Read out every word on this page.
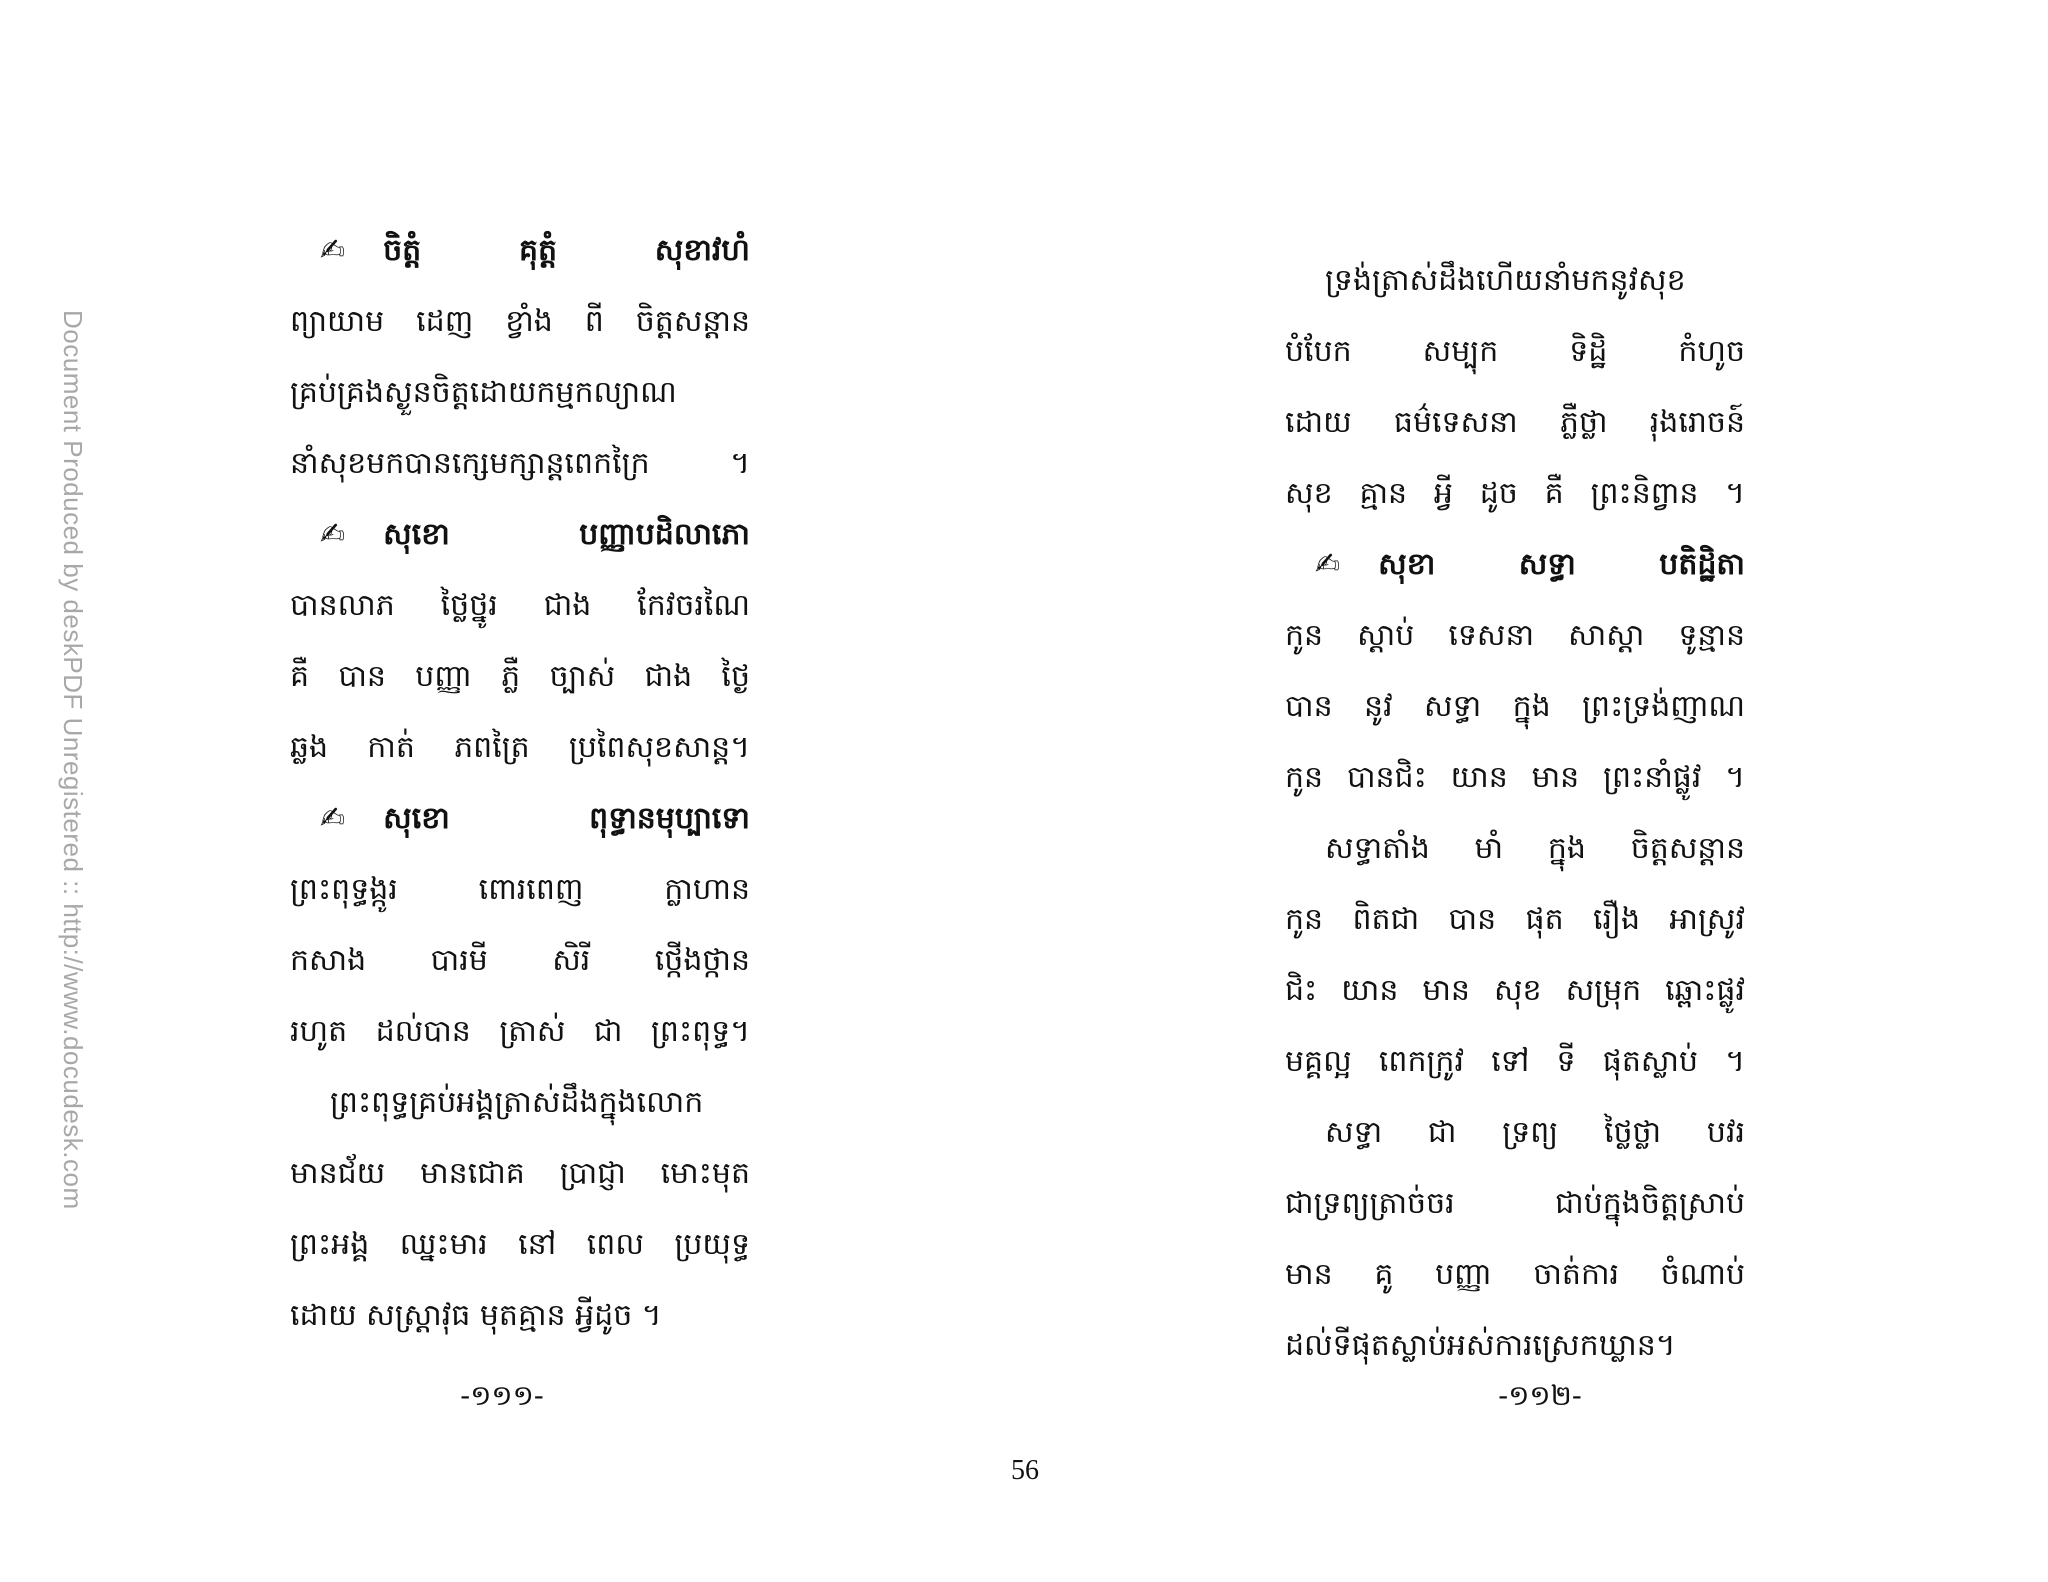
Document Produced by deskPDF Unregistered :: http://www.docudesk.com
✍ ចិត្តំ គុត្តំ សុខាវហំ
ព្យាយាម ដេញ ខ្វាំង ពី ចិត្តសន្តាន
គ្រប់គ្រងស្ងួនចិត្តដោយកម្មកល្យាណ
នាំសុខមកបានក្សេមក្សាន្តពេកក្រៃ ។
✍ សុខោ បញ្ញាបដិលាភោ
បានលាភ ថ្លៃថ្នូរ ជាង កែវចរណៃ
គឺ បាន បញ្ញា ភ្លឺ ច្បាស់ ជាង ថ្ងៃ
ឆ្លង កាត់ ភពត្រៃ ប្រពៃសុខសាន្ត។
✍ សុខោ ពុទ្ធានមុប្បាទោ
ព្រះពុទ្ធង្កូរ ពោរពេញ ក្លាហាន
កសាង បារមី សិរី ថ្កើងថ្កាន
រហូត ដល់បាន ត្រាស់ ជា ព្រះពុទ្ធ។
ព្រះពុទ្ធគ្រប់អង្គត្រាស់ដឹងក្នុងលោក
មានជ័យ មានជោគ ប្រាជ្ញា មោះមុត
ព្រះអង្គ ឈ្នះមារ នៅ ពេល ប្រយុទ្ធ
ដោយ សស្ត្រាវុធ មុតគ្មាន អ្វីដូច ។
-១១១-
ទ្រង់ត្រាស់ដឹងហើយនាំមកនូវសុខ
បំបែក សម្បុក ទិដ្ឋិ កំហូច
ដោយ ធម៌ទេសនា ភ្លឺថ្លា រុងរោចន៍
សុខ គ្មាន អ្វី ដូច គឺ ព្រះនិព្វាន ។
✍ សុខា សទ្ធា បតិដ្ឋិតា
កូន ស្តាប់ ទេសនា សាស្តា ទូន្មាន
បាន នូវ សទ្ធា ក្នុង ព្រះទ្រង់ញាណ
កូន បានជិះ យាន មាន ព្រះនាំផ្លូវ ។
សទ្ធាតាំង មាំ ក្នុង ចិត្តសន្តាន
កូន ពិតជា បាន ផុត រឿង អាស្រូវ
ជិះ យាន មាន សុខ សម្រុក ឆ្ពោះផ្លូវ
មគ្គល្អ ពេកក្រូវ ទៅ ទី ផុតស្លាប់ ។
សទ្ធា ជា ទ្រព្យ ថ្លៃថ្លា បវរ
ជាទ្រព្យត្រាច់ចរ ជាប់ក្នុងចិត្តស្រាប់
មាន គូ បញ្ញា ចាត់ការ ចំណាប់
ដល់ទីផុតស្លាប់អស់ការស្រេកឃ្លាន។
-១១២-
56
